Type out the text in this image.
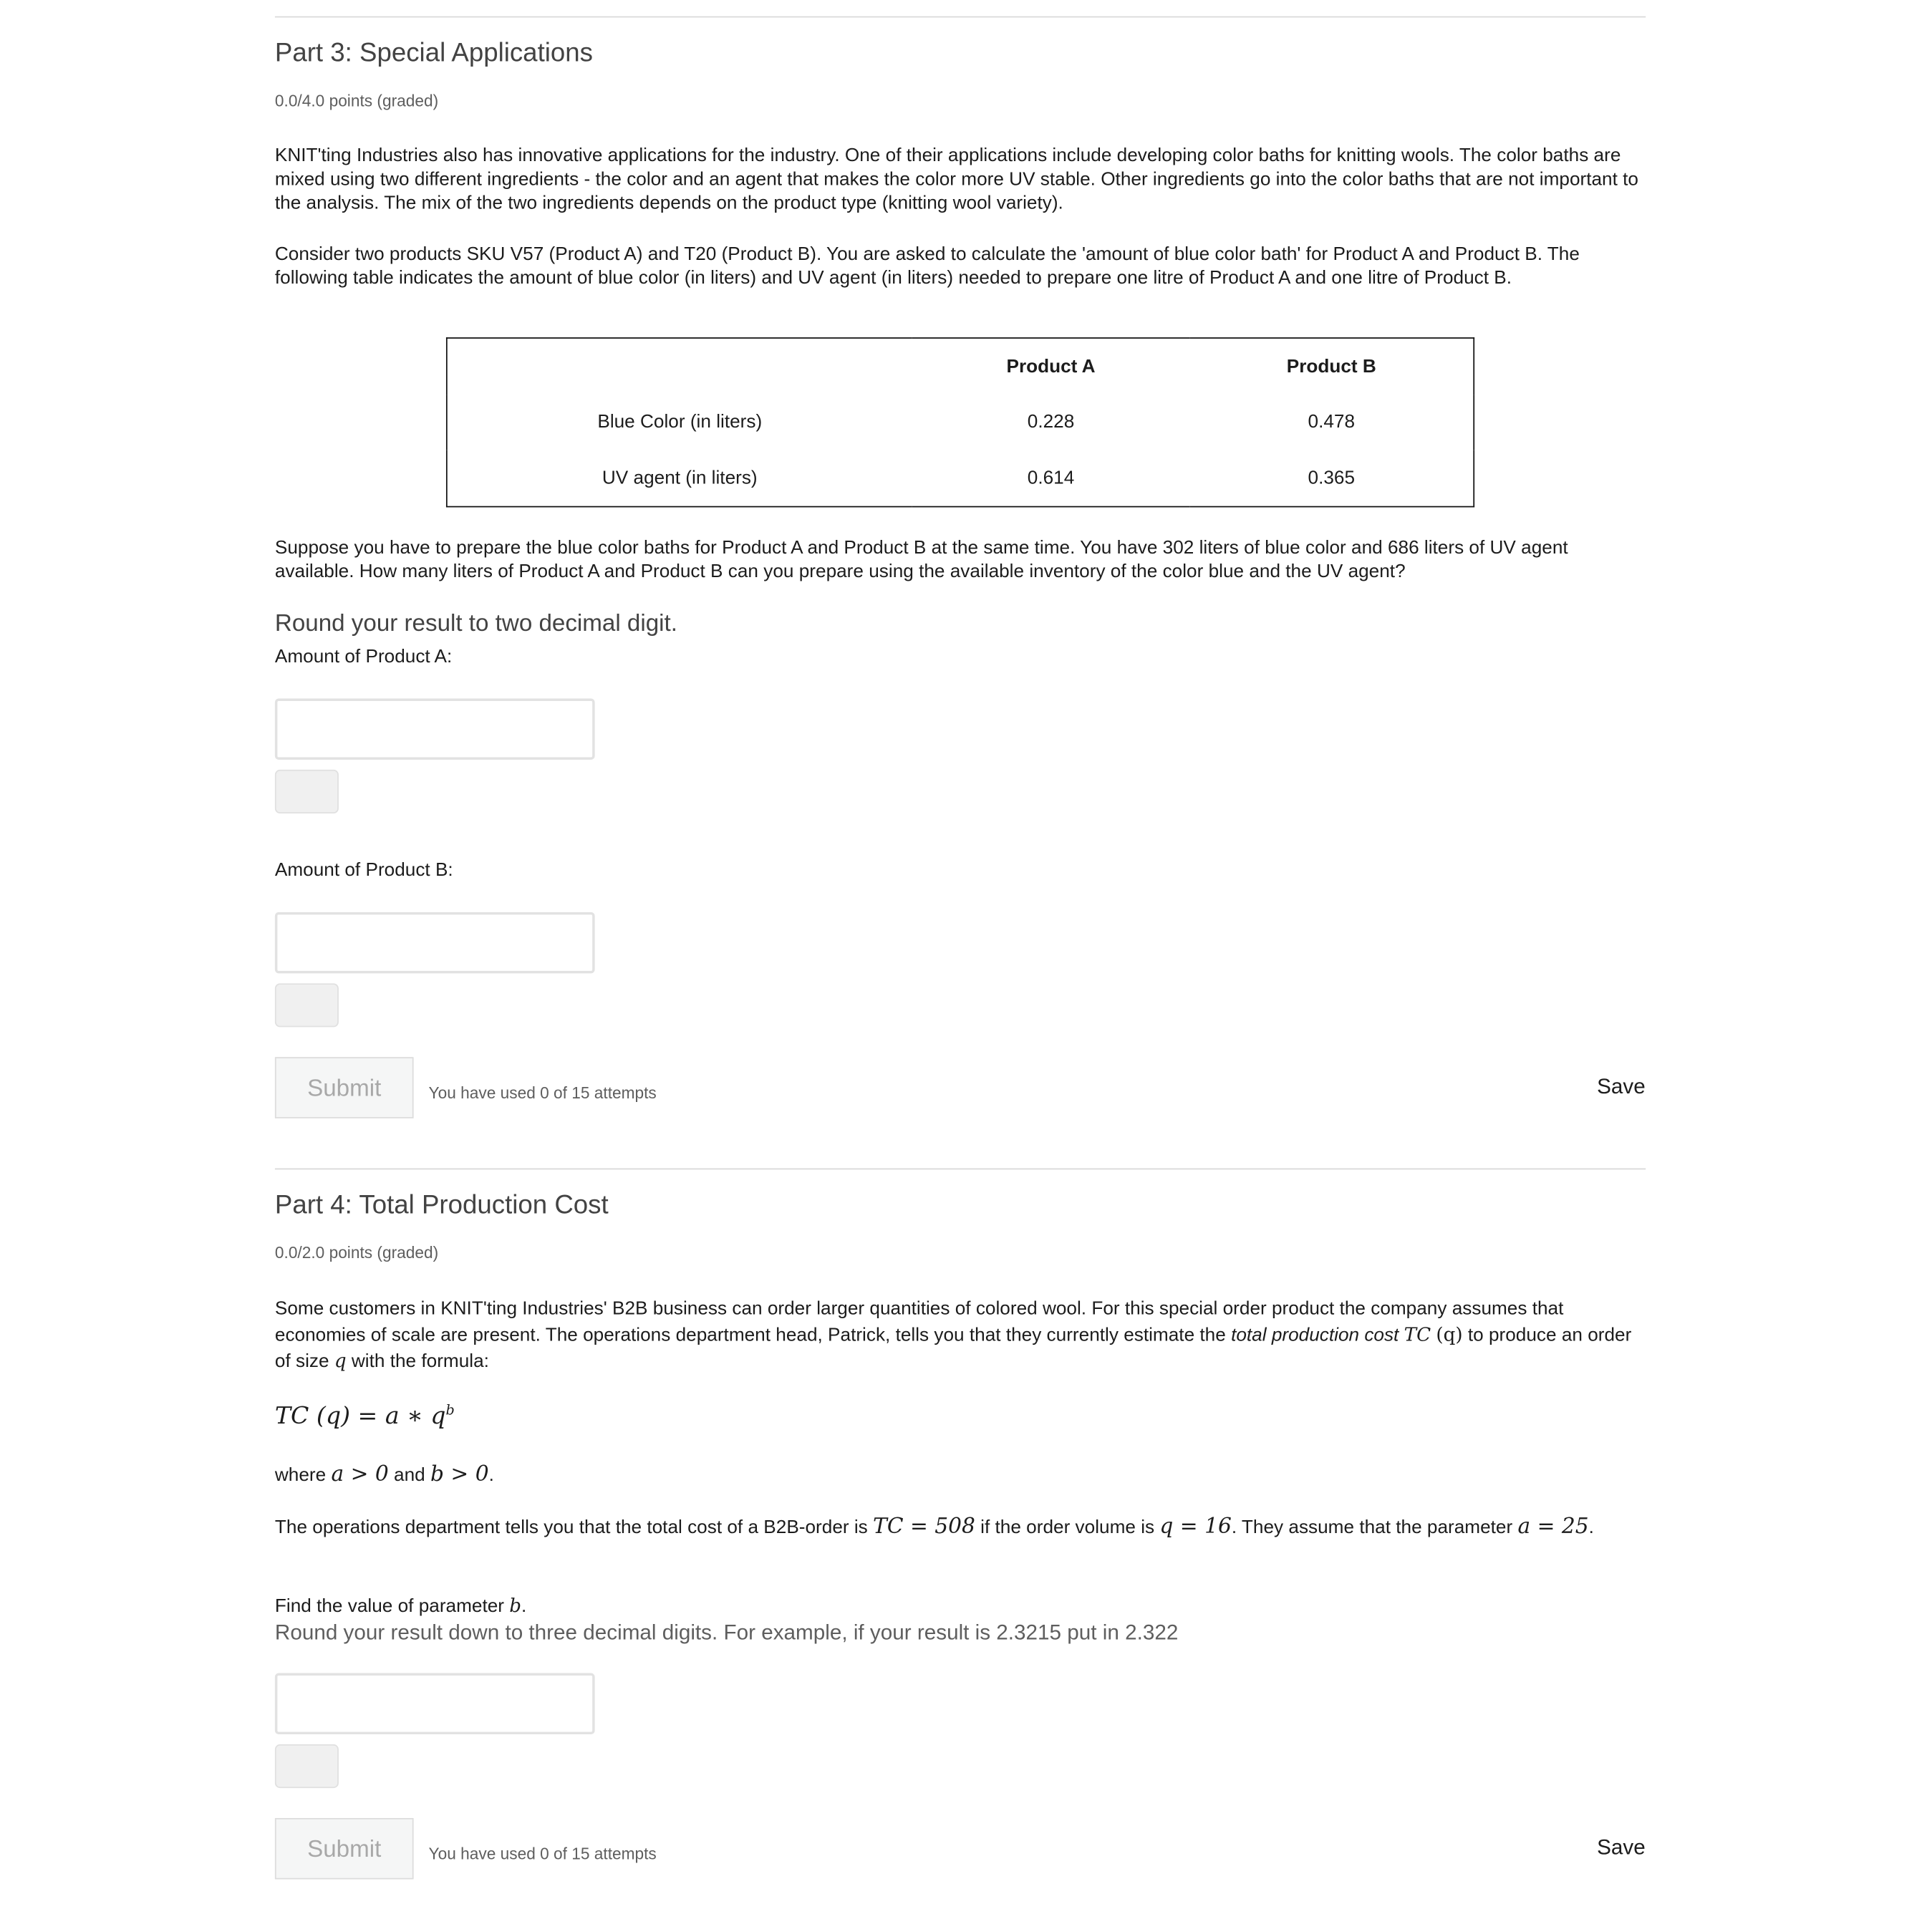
Part 3: Special Applications
0.0/4.0 points (graded)

KNIT'ting Industries also has innovative applications for the industry. One of their applications include developing color baths for knitting wools. The color baths are mixed using two different ingredients - the color and an agent that makes the color more UV stable. Other ingredients go into the color baths that are not important to the analysis. The mix of the two ingredients depends on the product type (knitting wool variety).

Consider two products SKU V57 (Product A) and T20 (Product B). You are asked to calculate the 'amount of blue color bath' for Product A and Product B. The following table indicates the amount of blue color (in liters) and UV agent (in liters) needed to prepare one litre of Product A and one litre of Product B.

	Product A	Product B
Blue Color (in liters)	0.228	0.478
UV agent (in liters)	0.614	0.365

Suppose you have to prepare the blue color baths for Product A and Product B at the same time. You have 302 liters of blue color and 686 liters of UV agent available. How many liters of Product A and Product B can you prepare using the available inventory of the color blue and the UV agent?

Round your result to two decimal digit.
Amount of Product A:
Amount of Product B:
Submit	You have used 0 of 15 attempts	Save
Part 4: Total Production Cost
0.0/2.0 points (graded)

Some customers in KNIT'ting Industries' B2B business can order larger quantities of colored wool. For this special order product the company assumes that economies of scale are present. The operations department head, Patrick, tells you that they currently estimate the total production cost TC (q) to produce an order of size q with the formula:

TC (q) = a ∗ $q^b$

where a > 0 and b > 0.

The operations department tells you that the total cost of a B2B-order is TC = 508 if the order volume is q = 16. They assume that the parameter a = 25.

Find the value of parameter b.
Round your result down to three decimal digits. For example, if your result is 2.3215 put in 2.322
Submit	You have used 0 of 15 attempts	Save
